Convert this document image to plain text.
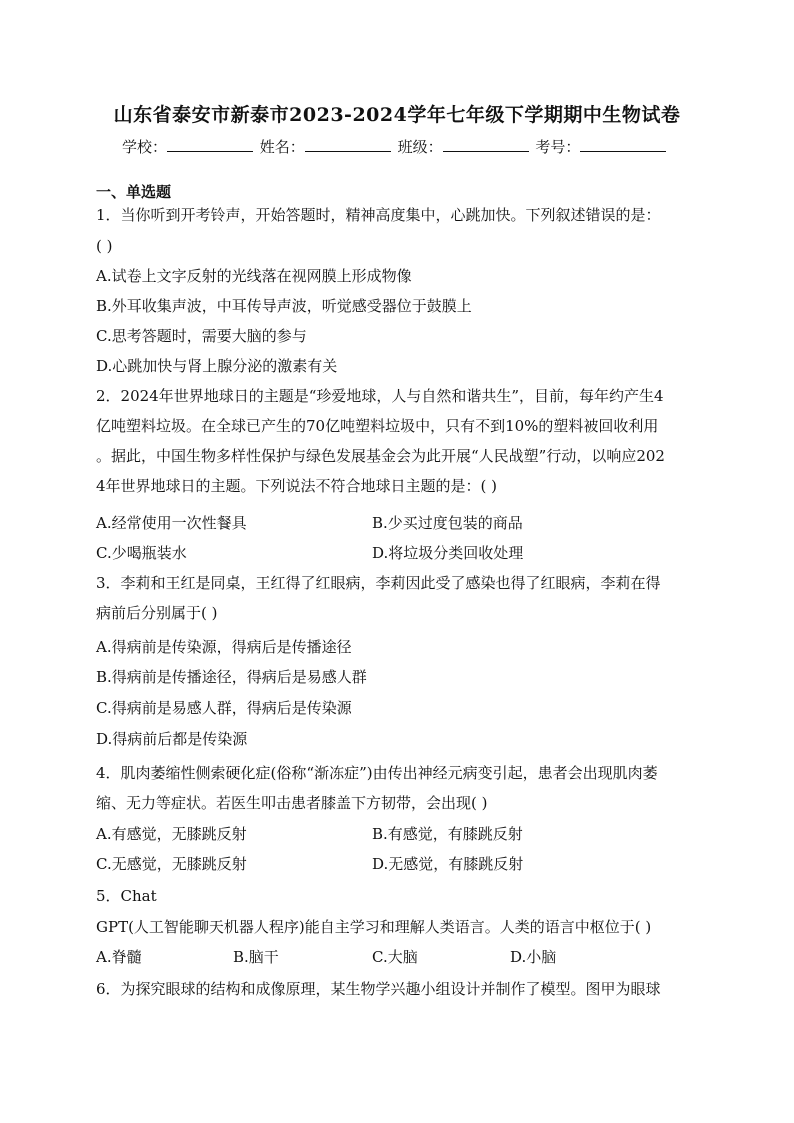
山东省泰安市新泰市2023-2024学年七年级下学期期中生物试卷
学校：	姓名：	班级：	考号：
一、单选题
1．当你听到开考铃声，开始答题时，精神高度集中，心跳加快。下列叙述错误的是：
( )
A.试卷上文字反射的光线落在视网膜上形成物像
B.外耳收集声波，中耳传导声波，听觉感受器位于鼓膜上
C.思考答题时，需要大脑的参与
D.心跳加快与肾上腺分泌的激素有关
2．2024年世界地球日的主题是“珍爱地球，人与自然和谐共生”，目前，每年约产生4
亿吨塑料垃圾。在全球已产生的70亿吨塑料垃圾中，只有不到10%的塑料被回收利用
。据此，中国生物多样性保护与绿色发展基金会为此开展“人民战塑”行动，以响应202
4年世界地球日的主题。下列说法不符合地球日主题的是：( )
A.经常使用一次性餐具	B.少买过度包装的商品
C.少喝瓶装水	D.将垃圾分类回收处理
3．李莉和王红是同桌，王红得了红眼病，李莉因此受了感染也得了红眼病，李莉在得
病前后分别属于( )
A.得病前是传染源，得病后是传播途径
B.得病前是传播途径，得病后是易感人群
C.得病前是易感人群，得病后是传染源
D.得病前后都是传染源
4．肌肉萎缩性侧索硬化症(俗称“渐冻症”)由传出神经元病变引起，患者会出现肌肉萎
缩、无力等症状。若医生叩击患者膝盖下方韧带，会出现( )
A.有感觉，无膝跳反射	B.有感觉，有膝跳反射
C.无感觉，无膝跳反射	D.无感觉，有膝跳反射
5．Chat
GPT(人工智能聊天机器人程序)能自主学习和理解人类语言。人类的语言中枢位于( )
A.脊髓	B.脑干	C.大脑	D.小脑
6．为探究眼球的结构和成像原理，某生物学兴趣小组设计并制作了模型。图甲为眼球
